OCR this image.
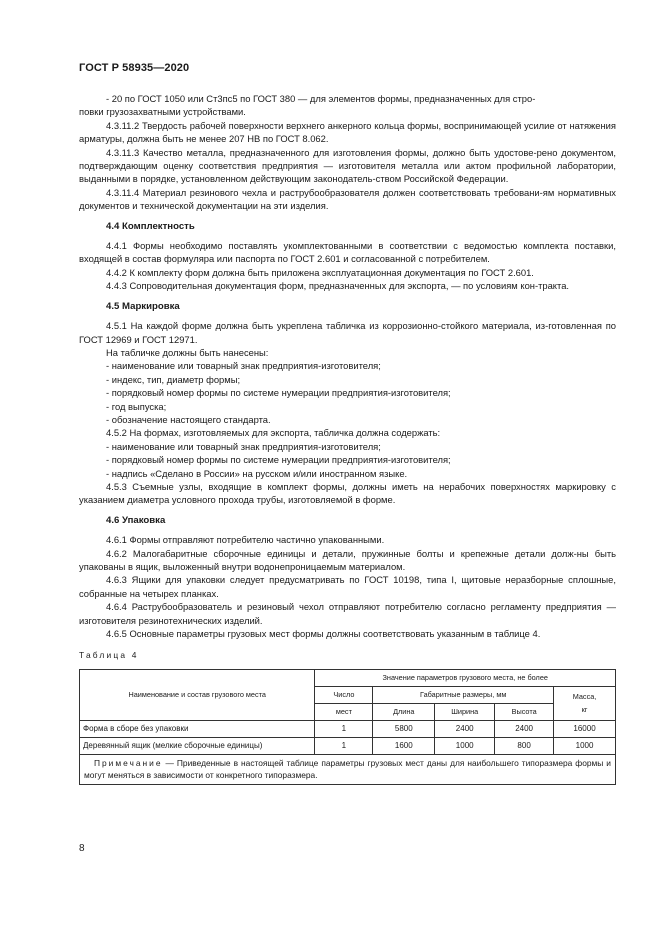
ГОСТ Р 58935—2020

- 20 по ГОСТ 1050 или Ст3пс5 по ГОСТ 380 — для элементов формы, предназначенных для стро-

повки грузозахватными устройствами.

4.3.11.2 Твердость рабочей поверхности верхнего анкерного кольца формы, воспринимающей усилие от натяжения арматуры, должна быть не менее 207 НВ по ГОСТ 8.062.

4.3.11.3 Качество металла, предназначенного для изготовления формы, должно быть удостове-рено документом, подтверждающим оценку соответствия предприятия — изготовителя металла или актом профильной лаборатории, выданными в порядке, установленном действующим законодатель-ством Российской Федерации.

4.3.11.4 Материал резинового чехла и раструбообразователя должен соответствовать требовани-ям нормативных документов и технической документации на эти изделия.

4.4 Комплектность

4.4.1 Формы необходимо поставлять укомплектованными в соответствии с ведомостью комплекта поставки, входящей в состав формуляра или паспорта по ГОСТ 2.601 и согласованной с потребителем.

4.4.2 К комплекту форм должна быть приложена эксплуатационная документация по ГОСТ 2.601.

4.4.3 Сопроводительная документация форм, предназначенных для экспорта, — по условиям кон-тракта.

4.5 Маркировка

4.5.1 На каждой форме должна быть укреплена табличка из коррозионно-стойкого материала, из-готовленная по ГОСТ 12969 и ГОСТ 12971.

На табличке должны быть нанесены:

- наименование или товарный знак предприятия-изготовителя;

- индекс, тип, диаметр формы;

- порядковый номер формы по системе нумерации предприятия-изготовителя;

- год выпуска;

- обозначение настоящего стандарта.

4.5.2 На формах, изготовляемых для экспорта, табличка должна содержать:

- наименование или товарный знак предприятия-изготовителя;

- порядковый номер формы по системе нумерации предприятия-изготовителя;

- надпись «Сделано в России» на русском и/или иностранном языке.

4.5.3 Съемные узлы, входящие в комплект формы, должны иметь на нерабочих поверхностях маркировку с указанием диаметра условного прохода трубы, изготовляемой в форме.

4.6 Упаковка

4.6.1 Формы отправляют потребителю частично упакованными.

4.6.2 Малогабаритные сборочные единицы и детали, пружинные болты и крепежные детали долж-ны быть упакованы в ящик, выложенный внутри водонепроницаемым материалом.

4.6.3 Ящики для упаковки следует предусматривать по ГОСТ 10198, типа I, щитовые неразборные сплошные, собранные на четырех планках.

4.6.4 Раструбообразователь и резиновый чехол отправляют потребителю согласно регламенту предприятия — изготовителя резинотехнических изделий.

4.6.5 Основные параметры грузовых мест формы должны соответствовать указанным в таблице 4.

Таблица 4

Наименование и состав грузового места	Значение параметров грузового места, не более				
	Число	Габаритные размеры, мм			Масса,
кг
	мест	Длина	Ширина	Высота	
Форма в сборе без упаковки	1	5800	2400	2400	16000
Деревянный ящик (мелкие сборочные единицы)	1	1600	1000	800	1000
Примечание — Приведенные в настоящей таблице параметры грузовых мест даны для наибольшего типоразмера формы и могут меняться в зависимости от конкретного типоразмера.					
8
